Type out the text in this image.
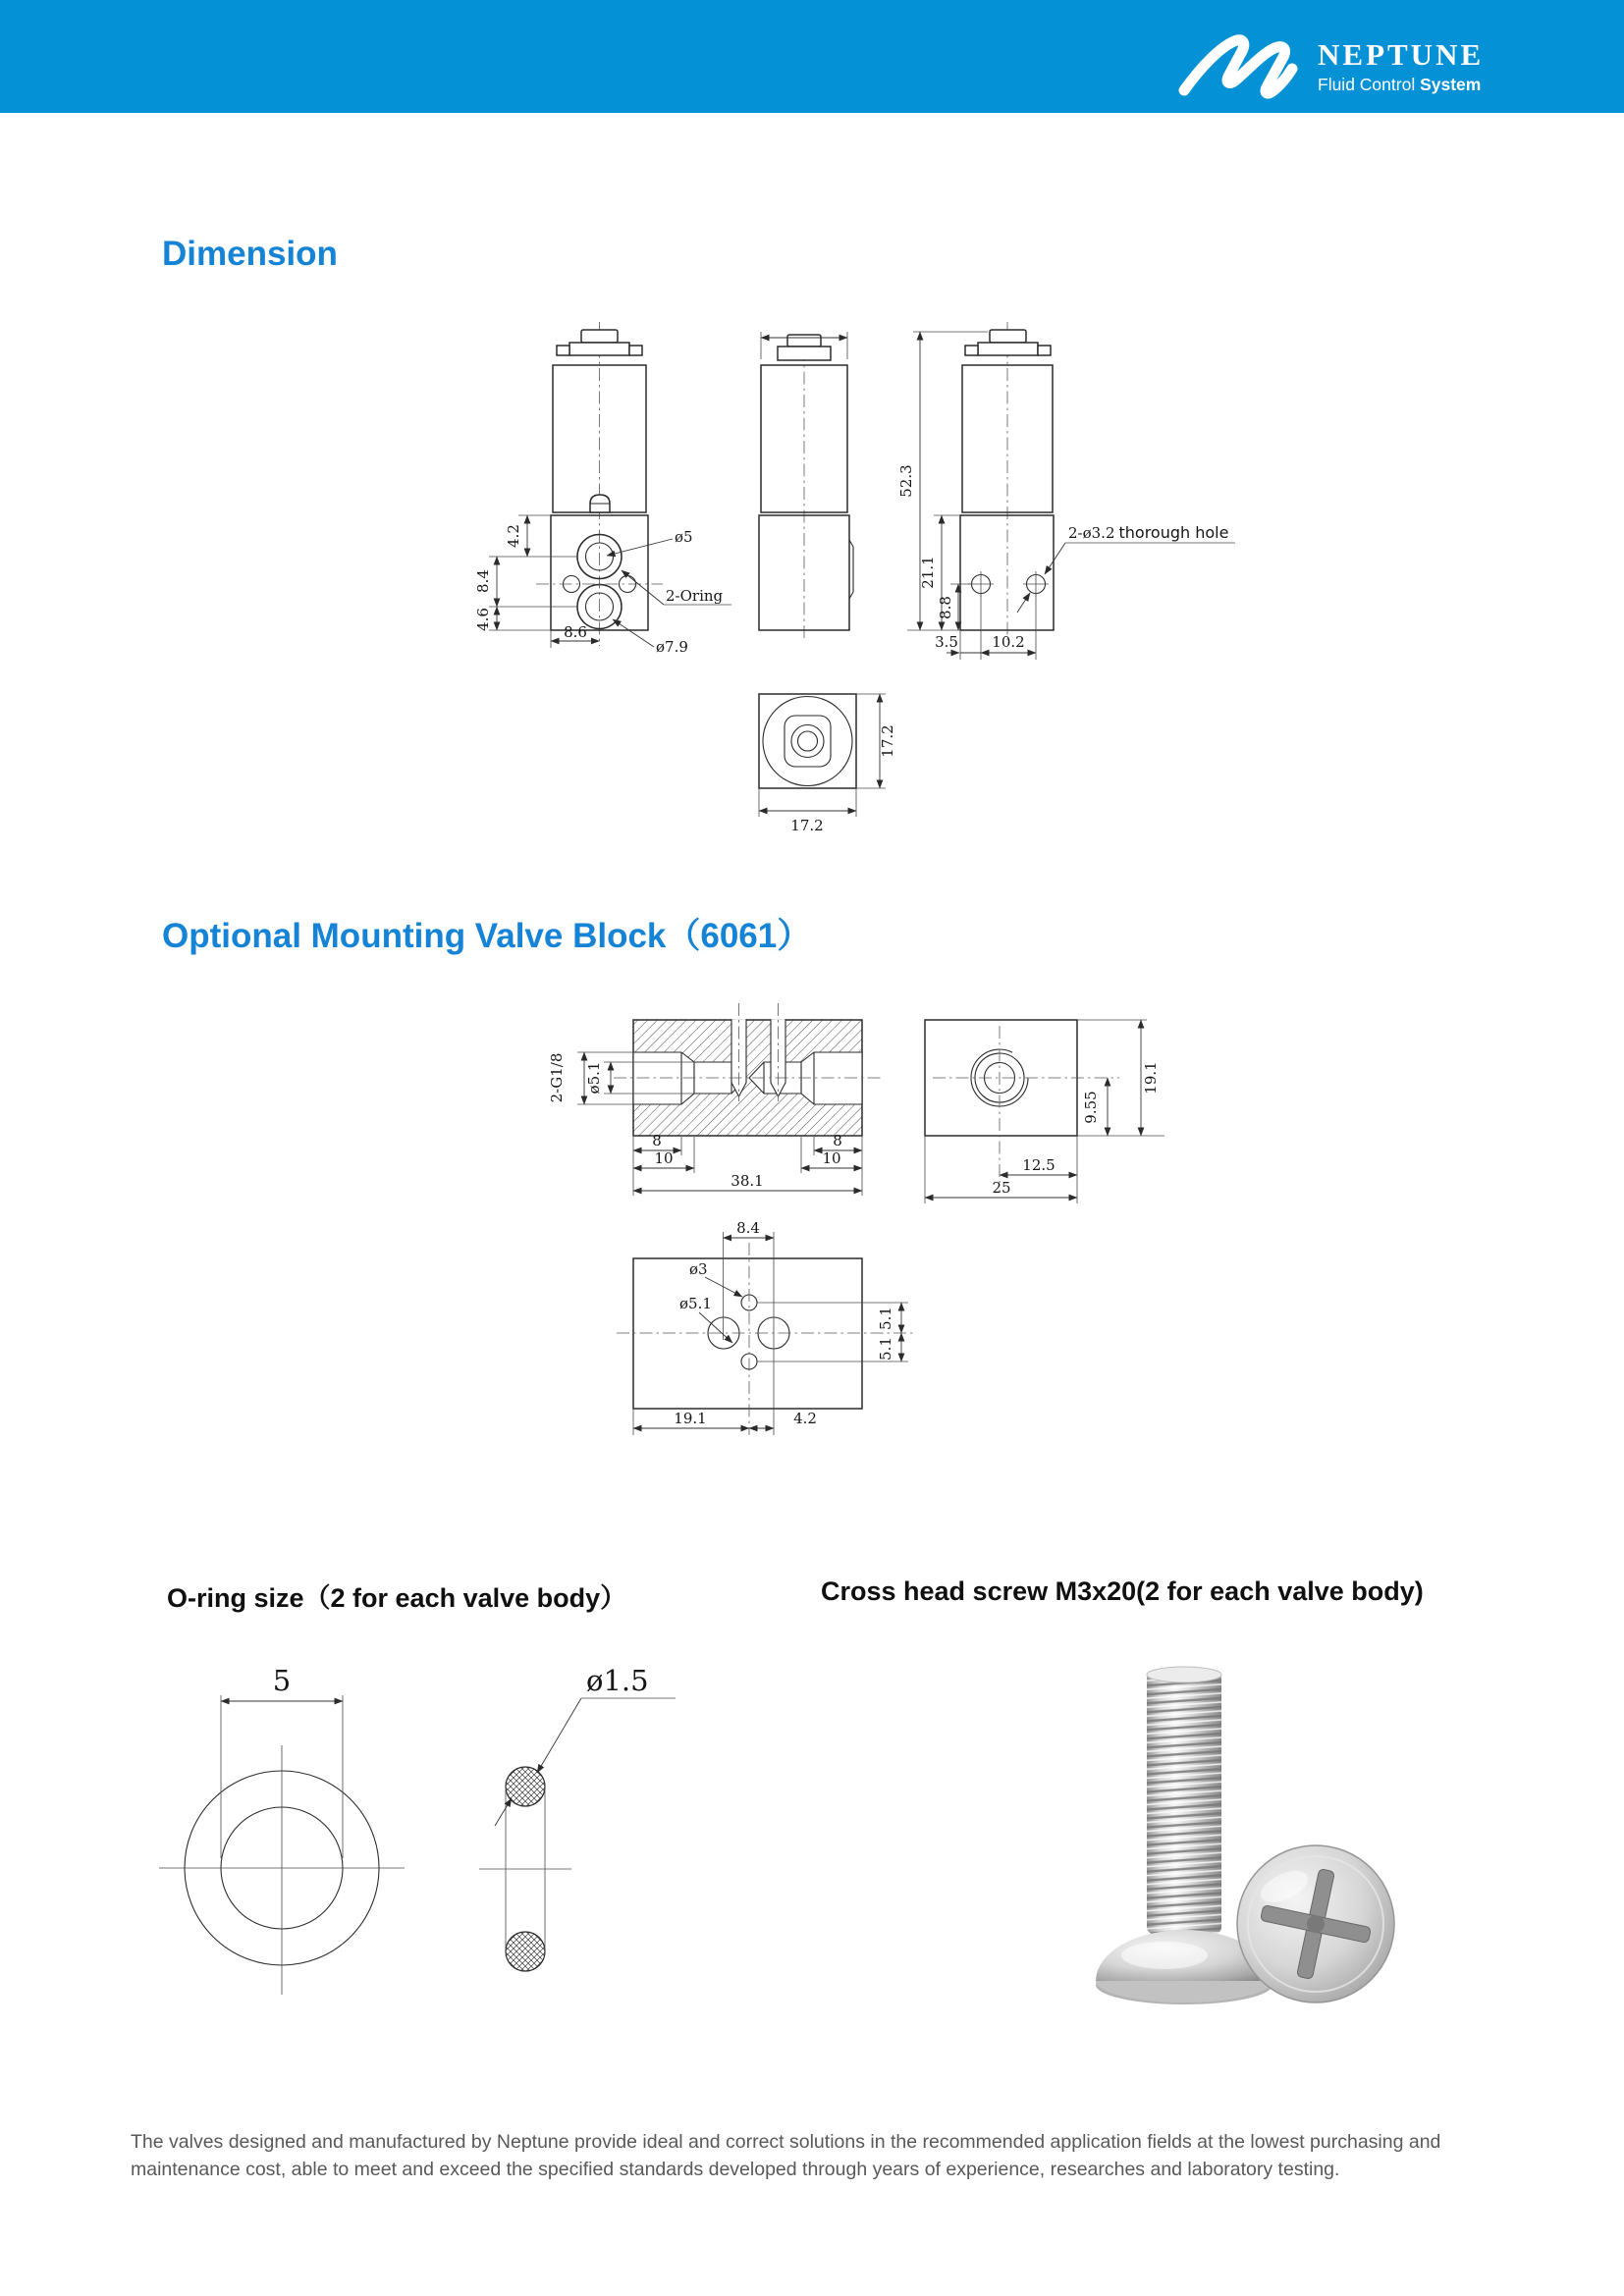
NEPTUNE
Fluid Control System
Dimension
Optional Mounting Valve Block（6061）

O-ring size（2 for each valve body）	Cross head screw M3x20(2 for each valve body)

4.2
8.4
4.6
8.6
ø5
2-Oring
ø7.9
17.2
17.2
52.3
21.1
8.8
3.5 10.2
2-ø3.2 thorough hole
2-G1/8 ø5.1
8	8
10	10
38.1
19.1
9.55
12.5
25
8.4
ø3
ø5.1
5.1
5.1
19.1	4.2
5	ø1.5

The valves designed and manufactured by Neptune provide ideal and correct solutions in the recommended application fields at the lowest purchasing and maintenance cost, able to meet and exceed the specified standards developed through years of experience, researches and laboratory testing.
